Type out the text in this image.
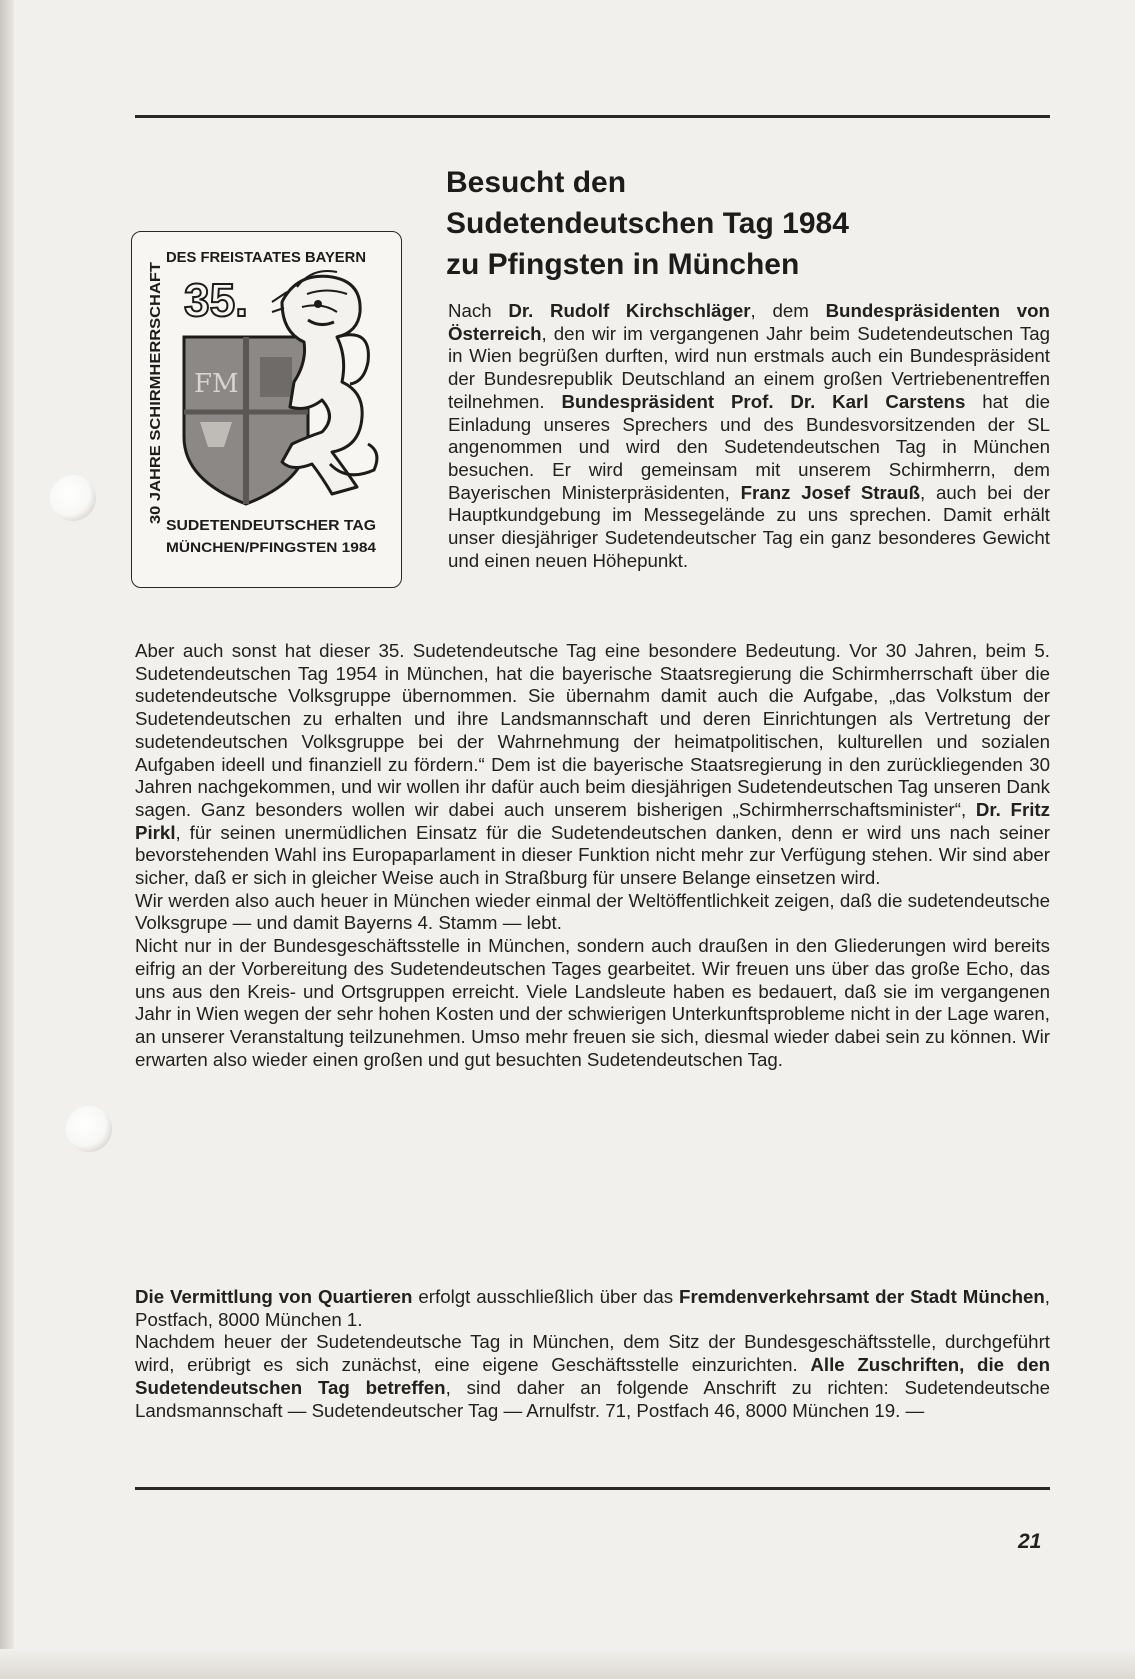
Besucht den
Sudetendeutschen Tag 1984
zu Pfingsten in München
DES FREISTAATES BAYERN
30 JAHRE SCHIRMHERRSCHAFT 35.
FM
SUDETENDEUTSCHER TAG
MÜNCHEN/PFINGSTEN 1984

Nach Dr. Rudolf Kirchschläger, dem Bundespräsidenten von Österreich, den wir im vergangenen Jahr beim Sudetendeutschen Tag in Wien begrüßen durften, wird nun erstmals auch ein Bundespräsident der Bundesrepublik Deutschland an einem großen Vertriebenentreffen teilnehmen. Bundespräsident Prof. Dr. Karl Carstens hat die Einladung unseres Sprechers und des Bundesvorsitzenden der SL angenommen und wird den Sudetendeutschen Tag in München besuchen. Er wird gemeinsam mit unserem Schirmherrn, dem Bayerischen Ministerpräsidenten, Franz Josef Strauß, auch bei der Hauptkundgebung im Messegelände zu uns sprechen. Damit erhält unser diesjähriger Sudetendeutscher Tag ein ganz besonderes Gewicht und einen neuen Höhepunkt.

Aber auch sonst hat dieser 35. Sudetendeutsche Tag eine besondere Bedeutung. Vor 30 Jahren, beim 5. Sudetendeutschen Tag 1954 in München, hat die bayerische Staatsregierung die Schirmherrschaft über die sudetendeutsche Volksgruppe übernommen. Sie übernahm damit auch die Aufgabe, „das Volkstum der Sudetendeutschen zu erhalten und ihre Landsmannschaft und deren Einrichtungen als Vertretung der sudetendeutschen Volksgruppe bei der Wahrnehmung der heimatpolitischen, kulturellen und sozialen Aufgaben ideell und finanziell zu fördern.“ Dem ist die bayerische Staatsregierung in den zurückliegenden 30 Jahren nachgekommen, und wir wollen ihr dafür auch beim diesjährigen Sudetendeutschen Tag unseren Dank sagen. Ganz besonders wollen wir dabei auch unserem bisherigen „Schirmherrschaftsminister“, Dr. Fritz Pirkl, für seinen unermüdlichen Einsatz für die Sudetendeutschen danken, denn er wird uns nach seiner bevorstehenden Wahl ins Europaparlament in dieser Funktion nicht mehr zur Verfügung stehen. Wir sind aber sicher, daß er sich in gleicher Weise auch in Straßburg für unsere Belange einsetzen wird.

Wir werden also auch heuer in München wieder einmal der Weltöffentlichkeit zeigen, daß die sudetendeutsche Volksgrupe — und damit Bayerns 4. Stamm — lebt.

Nicht nur in der Bundesgeschäftsstelle in München, sondern auch draußen in den Gliederungen wird bereits eifrig an der Vorbereitung des Sudetendeutschen Tages gearbeitet. Wir freuen uns über das große Echo, das uns aus den Kreis- und Ortsgruppen erreicht. Viele Landsleute haben es bedauert, daß sie im vergangenen Jahr in Wien wegen der sehr hohen Kosten und der schwierigen Unterkunftsprobleme nicht in der Lage waren, an unserer Veranstaltung teilzunehmen. Umso mehr freuen sie sich, diesmal wieder dabei sein zu können. Wir erwarten also wieder einen großen und gut besuchten Sudetendeutschen Tag.

Die Vermittlung von Quartieren erfolgt ausschließlich über das Fremdenverkehrsamt der Stadt München, Postfach, 8000 München 1.

Nachdem heuer der Sudetendeutsche Tag in München, dem Sitz der Bundesgeschäftsstelle, durchgeführt wird, erübrigt es sich zunächst, eine eigene Geschäftsstelle einzurichten. Alle Zuschriften, die den Sudetendeutschen Tag betreffen, sind daher an folgende Anschrift zu richten: Sudetendeutsche Landsmannschaft — Sudetendeutscher Tag — Arnulfstr. 71, Postfach 46, 8000 München 19. —

21
